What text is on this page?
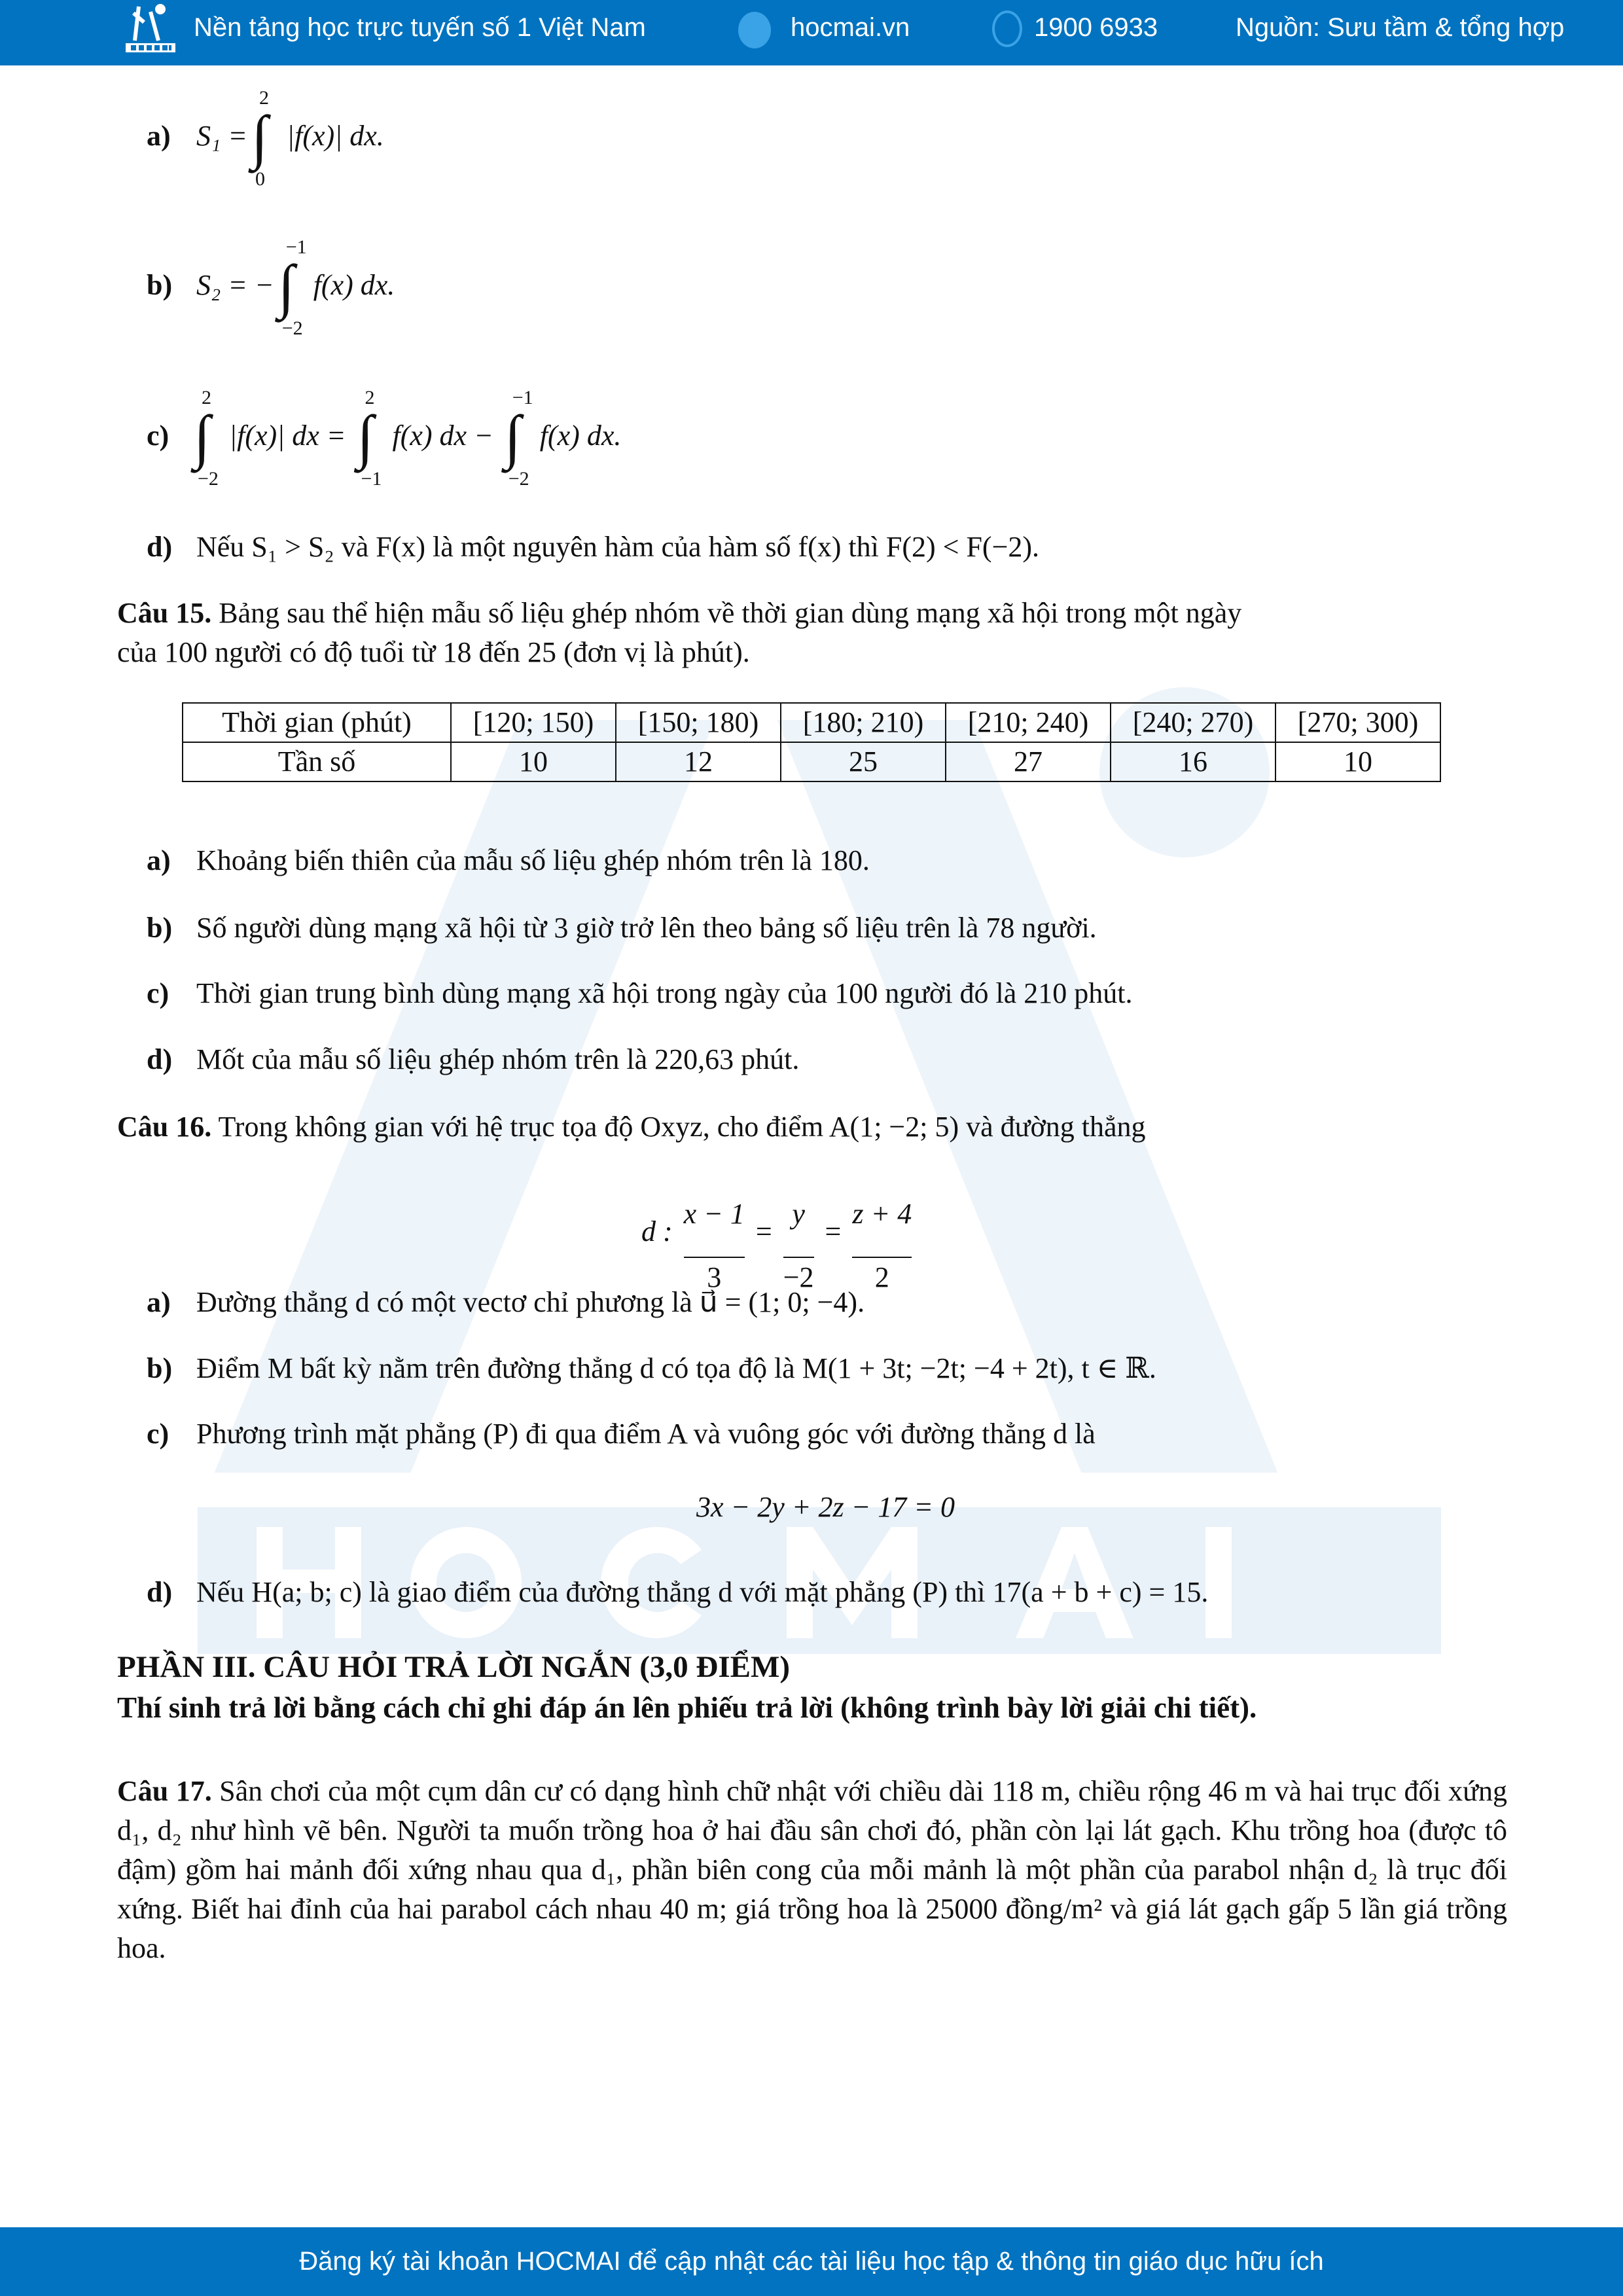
Nền tảng học trực tuyến số 1 Việt Nam	hocmai.vn	1900 6933	Nguồn: Sưu tầm & tổng hợp
a) S₁ = ∫
2
0
|f(x)| dx.
b) S₂ = − ∫
−1
−2
f(x) dx.
c) ∫
2
−2
|f(x)| dx = ∫
2
−1
f(x) dx − ∫
−1
−2
f(x) dx.
d) Nếu S₁ > S₂ và F(x) là một nguyên hàm của hàm số f(x) thì F(2) < F(−2).
Câu 15. Bảng sau thể hiện mẫu số liệu ghép nhóm về thời gian dùng mạng xã hội trong một ngày
của 100 người có độ tuổi từ 18 đến 25 (đơn vị là phút).
Thời gian (phút)	[120; 150)	[150; 180)	[180; 210)	[210; 240)	[240; 270)	[270; 300)
Tần số	10	12	25	27	16	10
a) Khoảng biến thiên của mẫu số liệu ghép nhóm trên là 180.
b) Số người dùng mạng xã hội từ 3 giờ trở lên theo bảng số liệu trên là 78 người.
c) Thời gian trung bình dùng mạng xã hội trong ngày của 100 người đó là 210 phút.
d) Mốt của mẫu số liệu ghép nhóm trên là 220,63 phút.
Câu 16. Trong không gian với hệ trục tọa độ Oxyz, cho điểm A(1; −2; 5) và đường thẳng
d : $\frac{x - 1}{3} = \frac{y}{-2} = \frac{z + 4}{2}$
a) Đường thẳng d có một vectơ chỉ phương là u⃗ = (1; 0; −4).
b) Điểm M bất kỳ nằm trên đường thẳng d có tọa độ là M(1 + 3t; −2t; −4 + 2t), t ∈ ℝ.
c) Phương trình mặt phẳng (P) đi qua điểm A và vuông góc với đường thẳng d là
3x − 2y + 2z − 17 = 0
d) Nếu H(a; b; c) là giao điểm của đường thẳng d với mặt phẳng (P) thì 17(a + b + c) = 15.
PHẦN III. CÂU HỎI TRẢ LỜI NGẮN (3,0 ĐIỂM)
Thí sinh trả lời bằng cách chỉ ghi đáp án lên phiếu trả lời (không trình bày lời giải chi tiết).
Câu 17. Sân chơi của một cụm dân cư có dạng hình chữ nhật với chiều dài 118 m, chiều rộng 46 m và hai trục đối xứng d₁, d₂ như hình vẽ bên. Người ta muốn trồng hoa ở hai đầu sân chơi đó, phần còn lại lát gạch. Khu trồng hoa (được tô đậm) gồm hai mảnh đối xứng nhau qua d₁, phần biên cong của mỗi mảnh là một phần của parabol nhận d₂ là trục đối xứng. Biết hai đỉnh của hai parabol cách nhau 40 m; giá trồng hoa là 25000 đồng/m² và giá lát gạch gấp 5 lần giá trồng hoa.
Đăng ký tài khoản HOCMAI để cập nhật các tài liệu học tập & thông tin giáo dục hữu ích
